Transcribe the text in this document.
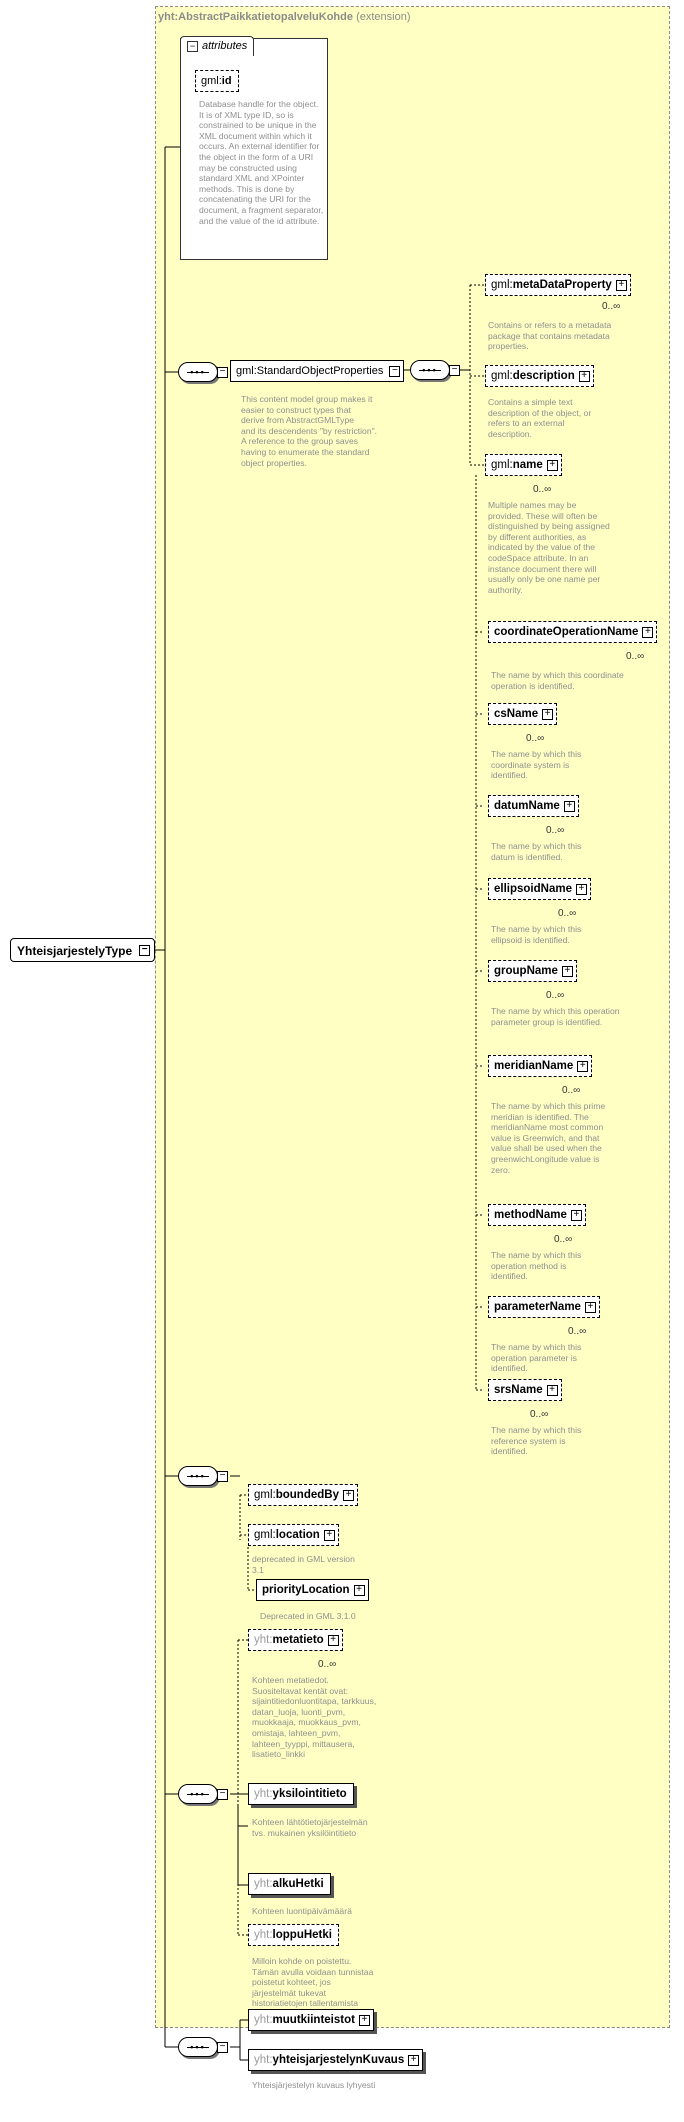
yht:AbstractPaikkatietopalveluKohde (extension)
YhteisjarjestelyType −
− attributes
gml:id
Database handle for the object. It is of XML type ID, so is constrained to be unique in the XML document within which it occurs. An external identifier for the object in the form of a URI may be constructed using standard XML and XPointer methods. This is done by concatenating the URI for the document, a fragment separator, and the value of the id attribute.
•••	− gml:StandardObjectProperties −
This content model group makes it easier to construct types that
derive from AbstractGMLType
and its descendents "by restriction".
A reference to the group saves
having to enumerate the standard
object properties.
•••	−
gml:metaDataProperty +
0..∞
Contains or refers to a metadata package that contains metadata properties.
gml:description +
Contains a simple text description of the object, or refers to an external description.
gml:name +
0..∞
Multiple names may be provided. These will often be distinguished by being assigned by different authorities, as indicated by the value of the codeSpace attribute. In an instance document there will usually only be one name per authority.
coordinateOperationName +
0..∞
The name by which this coordinate operation is identified.
csName +
0..∞
The name by which this coordinate system is identified.
datumName +
0..∞
The name by which this datum is identified.
ellipsoidName +
0..∞
The name by which this ellipsoid is identified.
groupName +
0..∞
The name by which this operation parameter group is identified.
meridianName +
0..∞
The name by which this prime meridian is identified. The meridianName most common value is Greenwich, and that value shall be used when the greenwichLongitude value is zero.
methodName +
0..∞
The name by which this operation method is identified.
parameterName +
0..∞
The name by which this operation parameter is identified.
srsName +
0..∞
The name by which this reference system is identified.
•••	−
gml:boundedBy +
gml:location +
deprecated in GML version 3.1
priorityLocation +
Deprecated in GML 3.1.0
•••	−
yht:metatieto +
0..∞
Kohteen metatiedot. Suositeltavat kentät ovat: sijaintitiedonluontitapa, tarkkuus, datan_luoja, luonti_pvm, muokkaaja, muokkaus_pvm, omistaja, lahteen_pvm, lahteen_tyyppi, mittausera, lisatieto_linkki
yht:yksilointitieto
Kohteen lähtötietojärjestelmän tvs. mukainen yksilöintitieto
yht:alkuHetki
Kohteen luontipäivämäärä
yht:loppuHetki
Milloin kohde on poistettu. Tämän avulla voidaan tunnistaa poistetut kohteet, jos järjestelmät tukevat historiatietojen tallentamista
•••	−
yht:muutkiinteistot +
yht:yhteisjarjestelynKuvaus +
Yhteisjärjestelyn kuvaus lyhyesti
